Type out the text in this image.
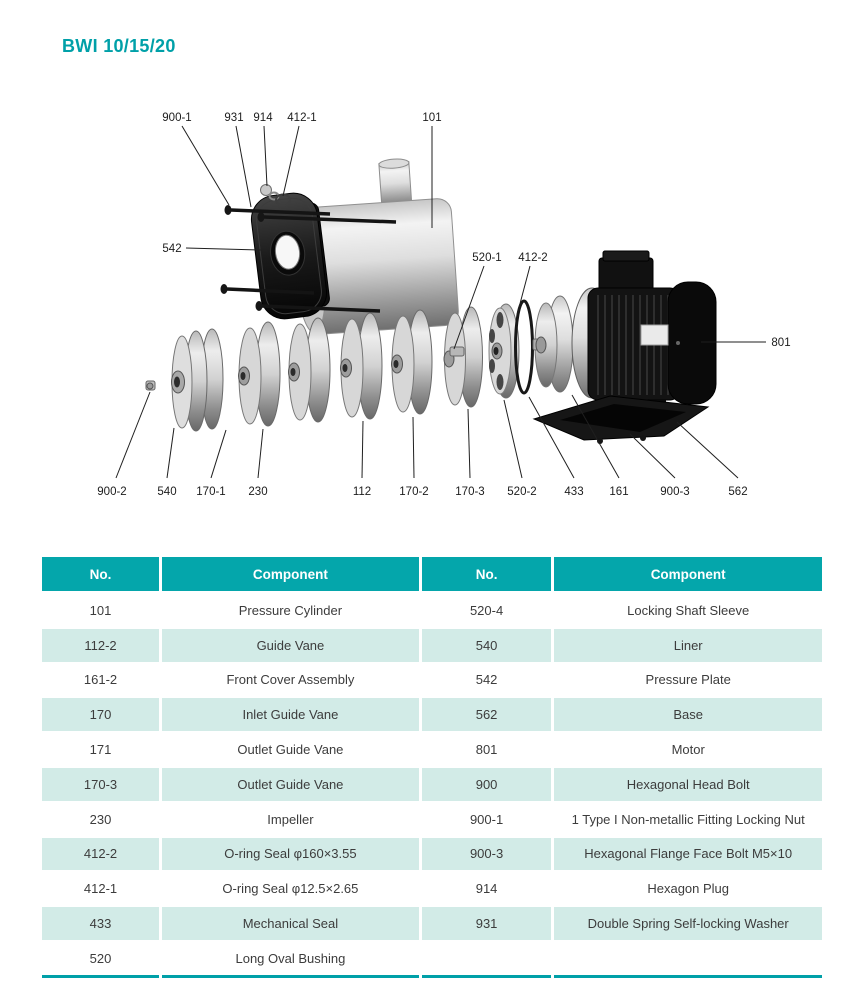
BWI 10/15/20
900-1	931 914 412-1	101
542
520-1 412-2
801
900-2	540 170-1 230	112 170-2 170-3 520-2 433 161	900-3	562
No.	Component	No.	Component
101	Pressure Cylinder	520-4	Locking Shaft Sleeve
112-2	Guide Vane	540	Liner
161-2	Front Cover Assembly	542	Pressure Plate
170	Inlet Guide Vane	562	Base
171	Outlet Guide Vane	801	Motor
170-3	Outlet Guide Vane	900	Hexagonal Head Bolt
230	Impeller	900-1	1 Type I Non-metallic Fitting Locking Nut
412-2	O-ring Seal φ160×3.55	900-3	Hexagonal Flange Face Bolt M5×10
412-1	O-ring Seal φ12.5×2.65	914	Hexagon Plug
433	Mechanical Seal	931	Double Spring Self-locking Washer
520	Long Oval Bushing		
